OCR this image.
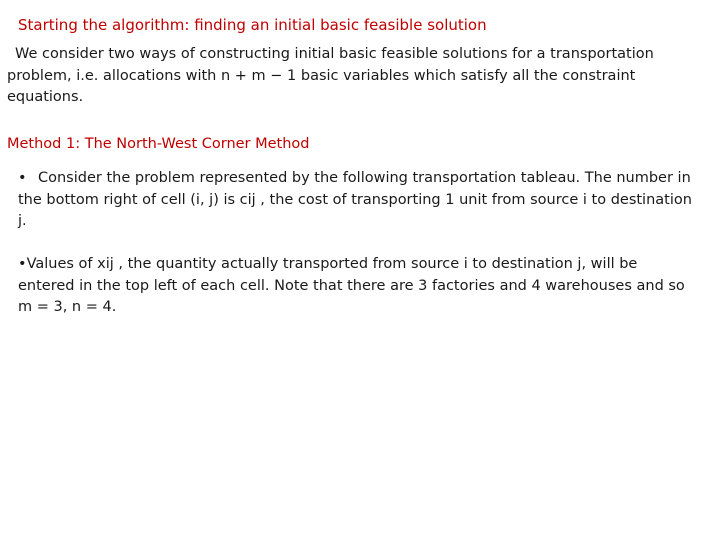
Starting the algorithm: finding an initial basic feasible solution
We consider two ways of constructing initial basic feasible solutions for a transportation problem, i.e. allocations with n + m − 1 basic variables which satisfy all the constraint equations.
Method 1: The North-West Corner Method
• Consider the problem represented by the following transportation tableau. The number in the bottom right of cell (i, j) is cij , the cost of transporting 1 unit from source i to destination j.
•Values of xij , the quantity actually transported from source i to destination j, will be entered in the top left of each cell. Note that there are 3 factories and 4 warehouses and so m = 3, n = 4.
